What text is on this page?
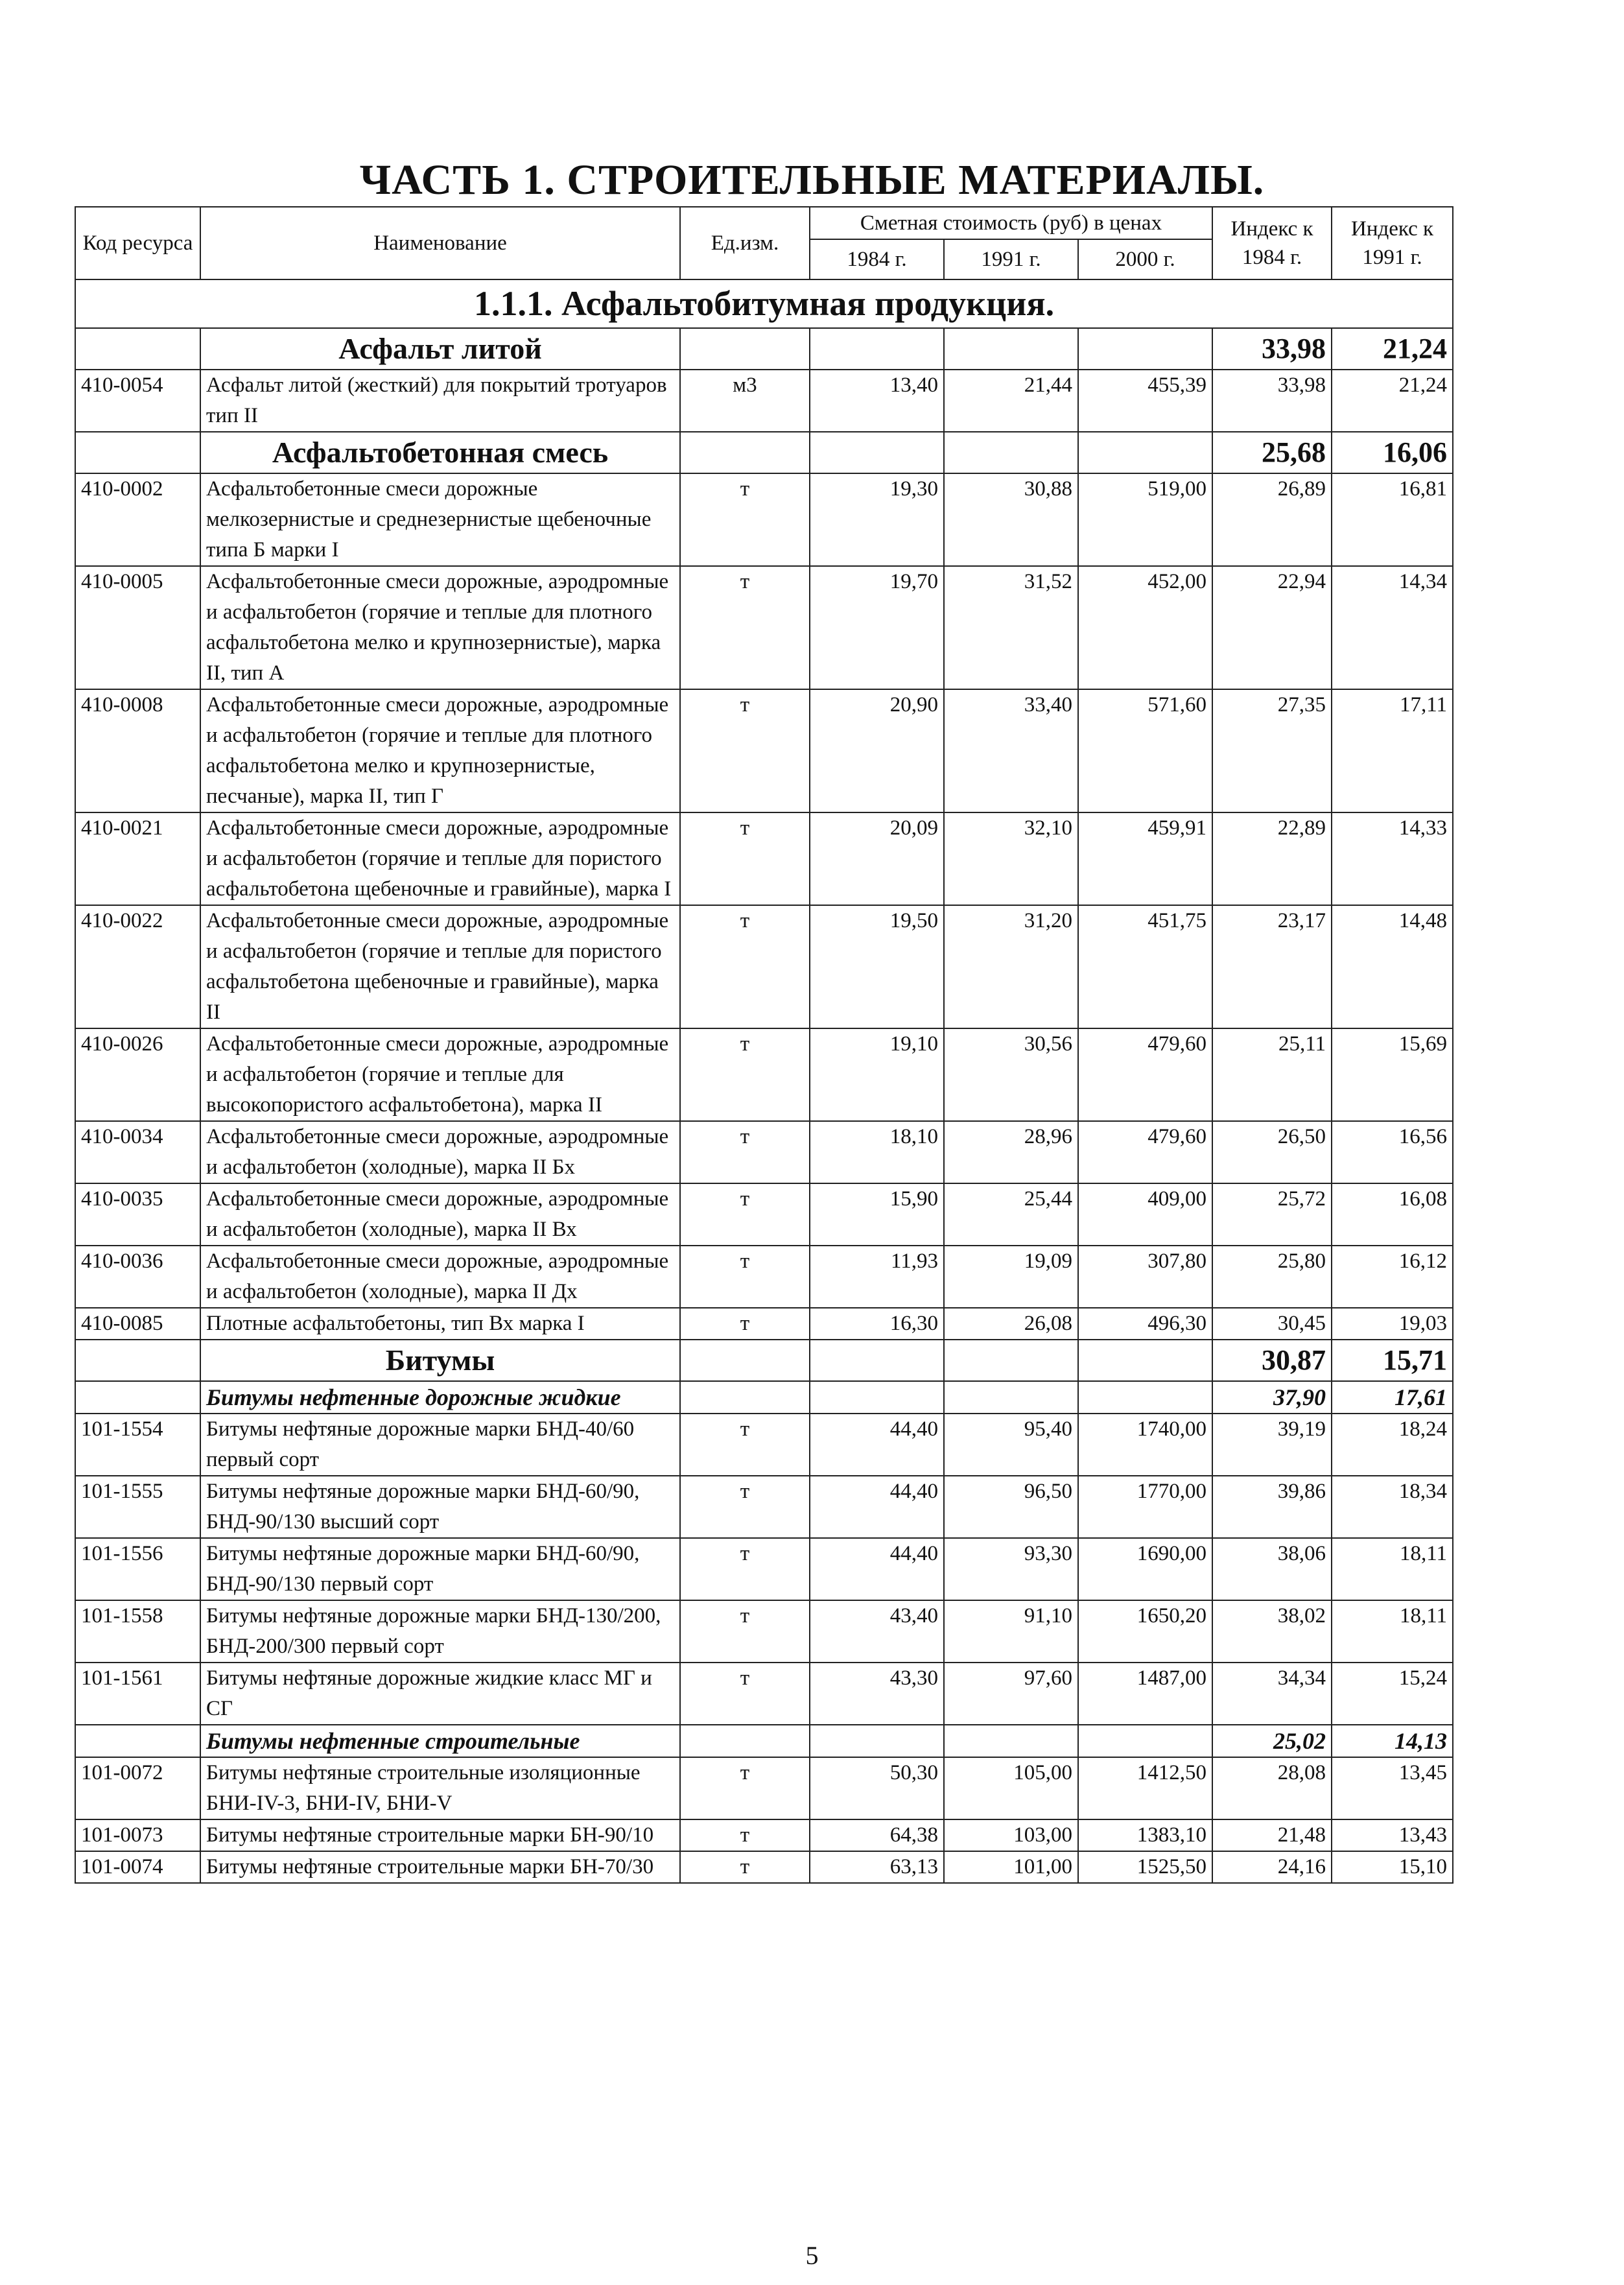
ЧАСТЬ 1. СТРОИТЕЛЬНЫЕ МАТЕРИАЛЫ.
Код ресурса	Наименование	Ед.изм.	Сметная стоимость (руб) в ценах			Индекс к 1984 г.	Индекс к 1991 г.
			1984 г.	1991 г.	2000 г.		
1.1.1. Асфальтобитумная продукция.							
	Асфальт литой					33,98	21,24
410-0054	Асфальт литой (жесткий) для покрытий тротуаров тип II	м3	13,40	21,44	455,39	33,98	21,24
	Асфальтобетонная смесь					25,68	16,06
410-0002	Асфальтобетонные смеси дорожные мелкозернистые и среднезернистые щебеночные типа Б марки I	т	19,30	30,88	519,00	26,89	16,81
410-0005	Асфальтобетонные смеси дорожные, аэродромные и асфальтобетон (горячие и теплые для плотного асфальтобетона мелко и крупнозернистые), марка II, тип А	т	19,70	31,52	452,00	22,94	14,34
410-0008	Асфальтобетонные смеси дорожные, аэродромные и асфальтобетон (горячие и теплые для плотного асфальтобетона мелко и крупнозернистые, песчаные), марка II, тип Г	т	20,90	33,40	571,60	27,35	17,11
410-0021	Асфальтобетонные смеси дорожные, аэродромные и асфальтобетон (горячие и теплые для пористого асфальтобетона щебеночные и гравийные), марка I	т	20,09	32,10	459,91	22,89	14,33
410-0022	Асфальтобетонные смеси дорожные, аэродромные и асфальтобетон (горячие и теплые для пористого асфальтобетона щебеночные и гравийные), марка II	т	19,50	31,20	451,75	23,17	14,48
410-0026	Асфальтобетонные смеси дорожные, аэродромные и асфальтобетон (горячие и теплые для высокопористого асфальтобетона), марка II	т	19,10	30,56	479,60	25,11	15,69
410-0034	Асфальтобетонные смеси дорожные, аэродромные и асфальтобетон (холодные), марка II Бх	т	18,10	28,96	479,60	26,50	16,56
410-0035	Асфальтобетонные смеси дорожные, аэродромные и асфальтобетон (холодные), марка II Вх	т	15,90	25,44	409,00	25,72	16,08
410-0036	Асфальтобетонные смеси дорожные, аэродромные и асфальтобетон (холодные), марка II Дх	т	11,93	19,09	307,80	25,80	16,12
410-0085	Плотные асфальтобетоны, тип Вх марка I	т	16,30	26,08	496,30	30,45	19,03
	Битумы					30,87	15,71
	Битумы нефтенные дорожные жидкие					37,90	17,61
101-1554	Битумы нефтяные дорожные марки БНД-40/60 первый сорт	т	44,40	95,40	1740,00	39,19	18,24
101-1555	Битумы нефтяные дорожные марки БНД-60/90, БНД-90/130 высший сорт	т	44,40	96,50	1770,00	39,86	18,34
101-1556	Битумы нефтяные дорожные марки БНД-60/90, БНД-90/130 первый сорт	т	44,40	93,30	1690,00	38,06	18,11
101-1558	Битумы нефтяные дорожные марки БНД-130/200, БНД-200/300 первый сорт	т	43,40	91,10	1650,20	38,02	18,11
101-1561	Битумы нефтяные дорожные жидкие класс МГ и СГ	т	43,30	97,60	1487,00	34,34	15,24
	Битумы нефтенные строительные					25,02	14,13
101-0072	Битумы нефтяные строительные изоляционные БНИ-IV-3, БНИ-IV, БНИ-V	т	50,30	105,00	1412,50	28,08	13,45
101-0073	Битумы нефтяные строительные марки БН-90/10	т	64,38	103,00	1383,10	21,48	13,43
101-0074	Битумы нефтяные строительные марки БН-70/30	т	63,13	101,00	1525,50	24,16	15,10
5
